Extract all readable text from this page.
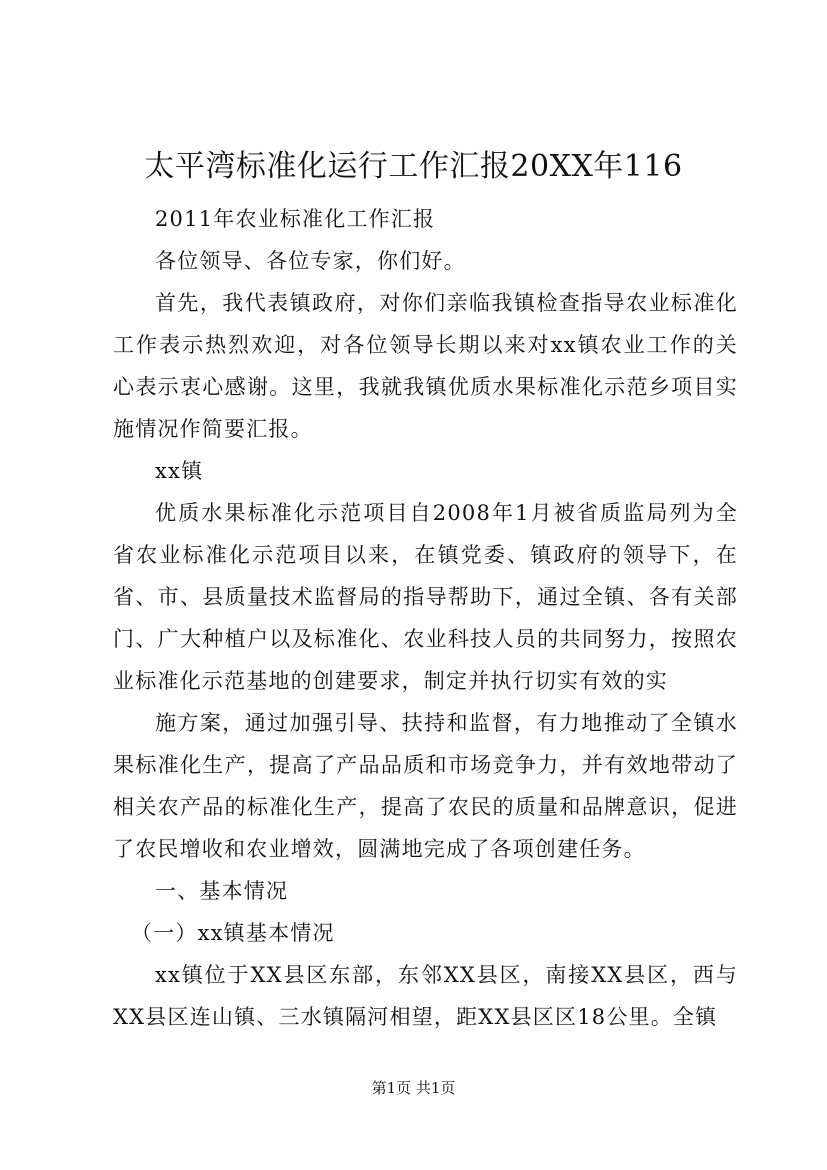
太平湾标准化运行工作汇报20XX年116

2011年农业标准化工作汇报

各位领导、各位专家，你们好。

首先，我代表镇政府，对你们亲临我镇检查指导农业标准化工作表示热烈欢迎，对各位领导长期以来对xx镇农业工作的关心表示衷心感谢。这里，我就我镇优质水果标准化示范乡项目实施情况作简要汇报。

xx镇

优质水果标准化示范项目自2008年1月被省质监局列为全省农业标准化示范项目以来，在镇党委、镇政府的领导下，在省、市、县质量技术监督局的指导帮助下，通过全镇、各有关部门、广大种植户以及标准化、农业科技人员的共同努力，按照农业标准化示范基地的创建要求，制定并执行切实有效的实

施方案，通过加强引导、扶持和监督，有力地推动了全镇水果标准化生产，提高了产品品质和市场竞争力，并有效地带动了相关农产品的标准化生产，提高了农民的质量和品牌意识，促进了农民增收和农业增效，圆满地完成了各项创建任务。

一、基本情况

（一）xx镇基本情况

xx镇位于XX县区东部，东邻XX县区，南接XX县区，西与XX县区连山镇、三水镇隔河相望，距XX县区区18公里。全镇

第1页 共1页
